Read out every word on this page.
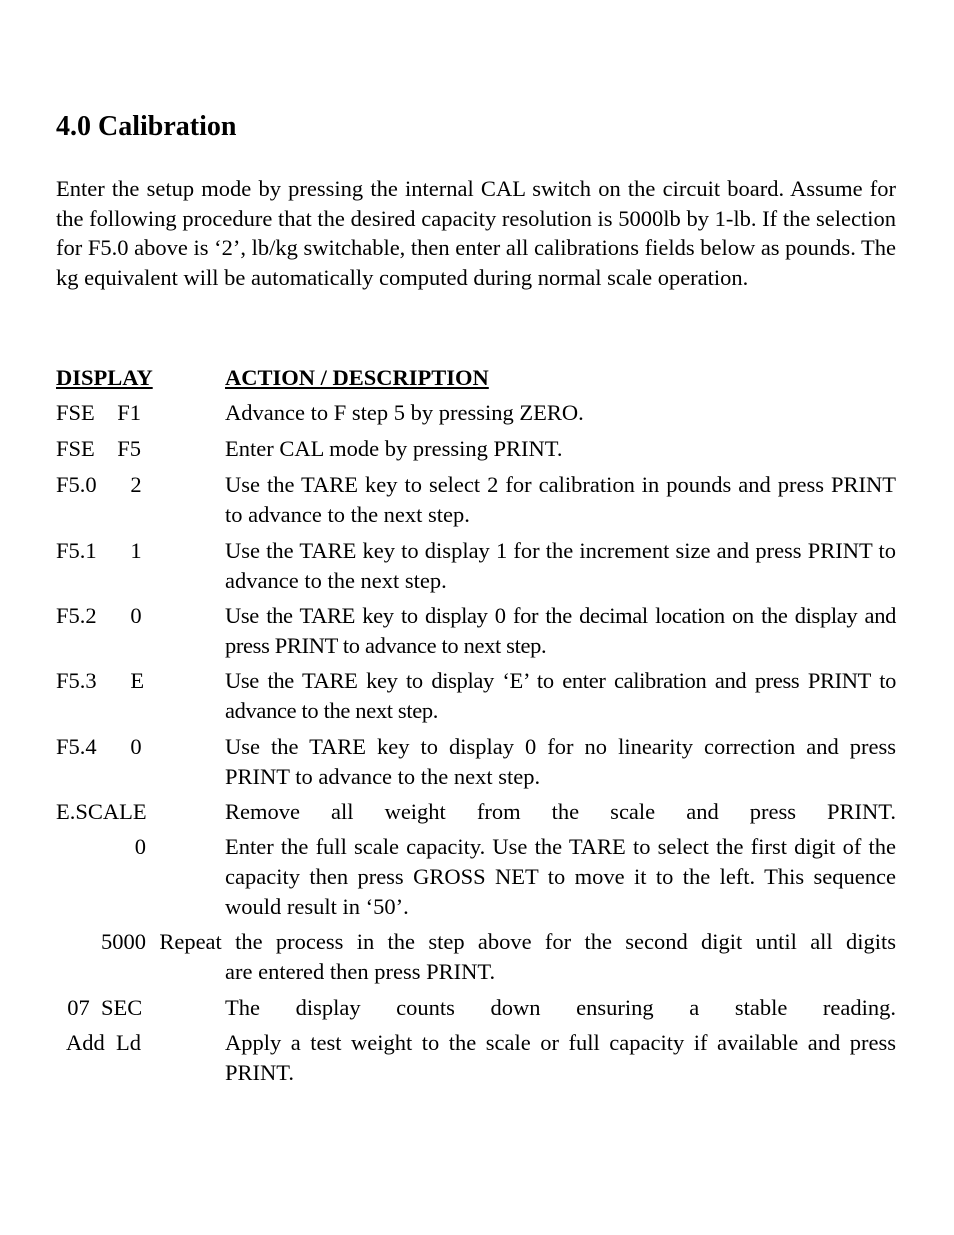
4.0 Calibration

Enter the setup mode by pressing the internal CAL switch on the circuit board. Assume for the following procedure that the desired capacity resolution is 5000lb by 1-lb. If the selection for F5.0 above is ‘2’, lb/kg switchable, then enter all calibrations fields below as pounds. The kg equivalent will be automatically computed during normal scale operation.

DISPLAY	ACTION / DESCRIPTION
FSE    F1	Advance to F step 5 by pressing ZERO.
FSE    F5	Enter CAL mode by pressing PRINT.
F5.0      2	Use the TARE key to select 2 for calibration in pounds and press PRINT to advance to the next step.
F5.1      1	Use the TARE key to display 1 for the increment size and press PRINT to advance to the next step.
F5.2      0	Use the TARE key to display 0 for the decimal location on the display and press PRINT to advance to next step.
F5.3      E	Use the TARE key to display ‘E’ to enter calibration and press PRINT to advance to the next step.
F5.4      0	Use the TARE key to display 0 for no linearity correction and press PRINT to advance to the next step.
E.SCALE	Remove all weight from the scale and press PRINT.
0	Enter the full scale capacity. Use the TARE to select the first digit of the capacity then press GROSS NET to move it to the left. This sequence would result in ‘50’.
5000 Repeat the process in the step above for the second digit until all digits
are entered then press PRINT.
07  SEC	The display counts down ensuring a stable reading.
Add  Ld	Apply a test weight to the scale or full capacity if available and press PRINT.
